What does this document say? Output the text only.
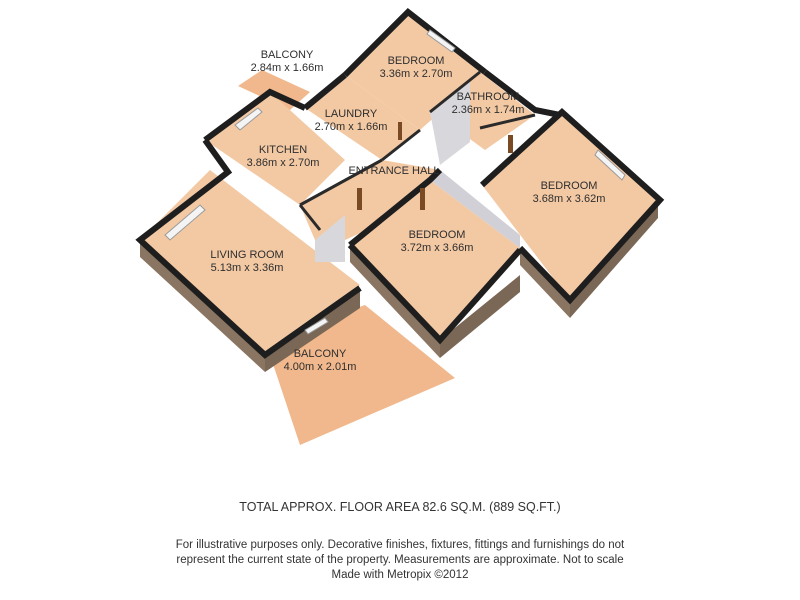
BALCONY
2.84m x 1.66m
BEDROOM
3.36m x 2.70m
LAUNDRY
2.70m x 1.66m
BATHROOM
2.36m x 1.74m
KITCHEN
3.86m x 2.70m
ENTRANCE HALL
BEDROOM
3.68m x 3.62m
BEDROOM
3.72m x 3.66m
LIVING ROOM
5.13m x 3.36m
BALCONY
4.00m x 2.01m
TOTAL APPROX. FLOOR AREA 82.6 SQ.M. (889 SQ.FT.)
For illustrative purposes only. Decorative finishes, fixtures, fittings and furnishings do not
represent the current state of the property. Measurements are approximate. Not to scale
Made with Metropix ©2012
